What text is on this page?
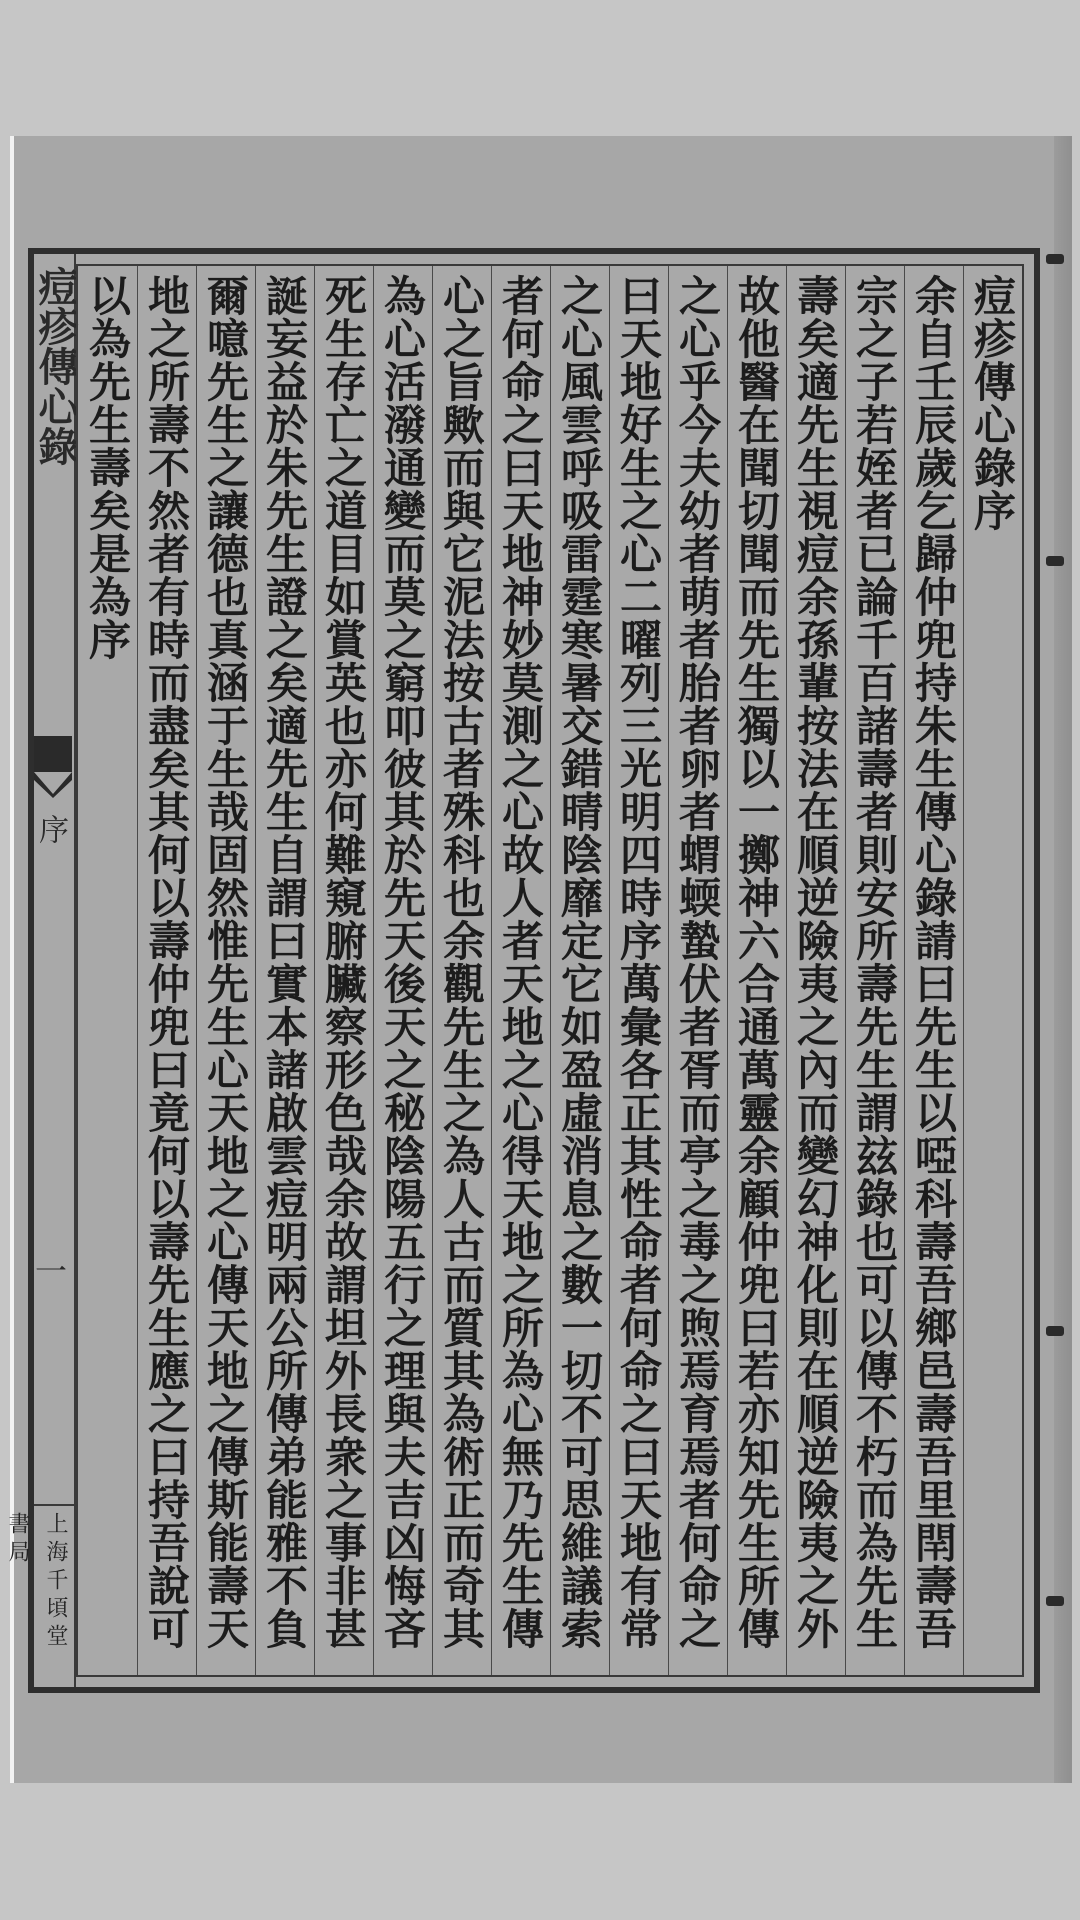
痘疹傳心錄
序
一
上海千頃堂書局
痘疹傳心錄序
余自壬辰歲乞歸仲兜持朱生傳心錄請曰先生以啞科壽吾鄉邑壽吾里閈壽吾
宗之子若姪者已論千百諸壽者則安所壽先生謂玆錄也可以傳不朽而為先生
壽矣適先生視痘余孫輩按法在順逆險夷之內而變幻神化則在順逆險夷之外
故他醫在聞切聞而先生獨以一擲神六合通萬靈余顧仲兜曰若亦知先生所傳
之心乎今夫幼者萌者胎者卵者蝟蝡蟄伏者胥而亭之毒之煦焉育焉者何命之
曰天地好生之心二曜列三光明四時序萬彙各正其性命者何命之曰天地有常
之心風雲呼吸雷霆寒暑交錯晴陰靡定它如盈虛消息之數一切不可思維議索
者何命之曰天地神妙莫測之心故人者天地之心得天地之所為心無乃先生傳
心之旨歟而與它泥法按古者殊科也余觀先生之為人古而質其為術正而奇其
為心活潑通變而莫之窮叩彼其於先天後天之秘陰陽五行之理與夫吉凶悔吝
死生存亡之道目如賞英也亦何難窺腑臟察形色哉余故謂坦外長衆之事非甚
誕妄益於朱先生證之矣適先生自謂曰實本諸啟雲痘明兩公所傳弟能雅不負
爾噫先生之讓德也真涵于生哉固然惟先生心天地之心傳天地之傳斯能壽天
地之所壽不然者有時而盡矣其何以壽仲兜曰竟何以壽先生應之曰持吾說可
以為先生壽矣是為序
